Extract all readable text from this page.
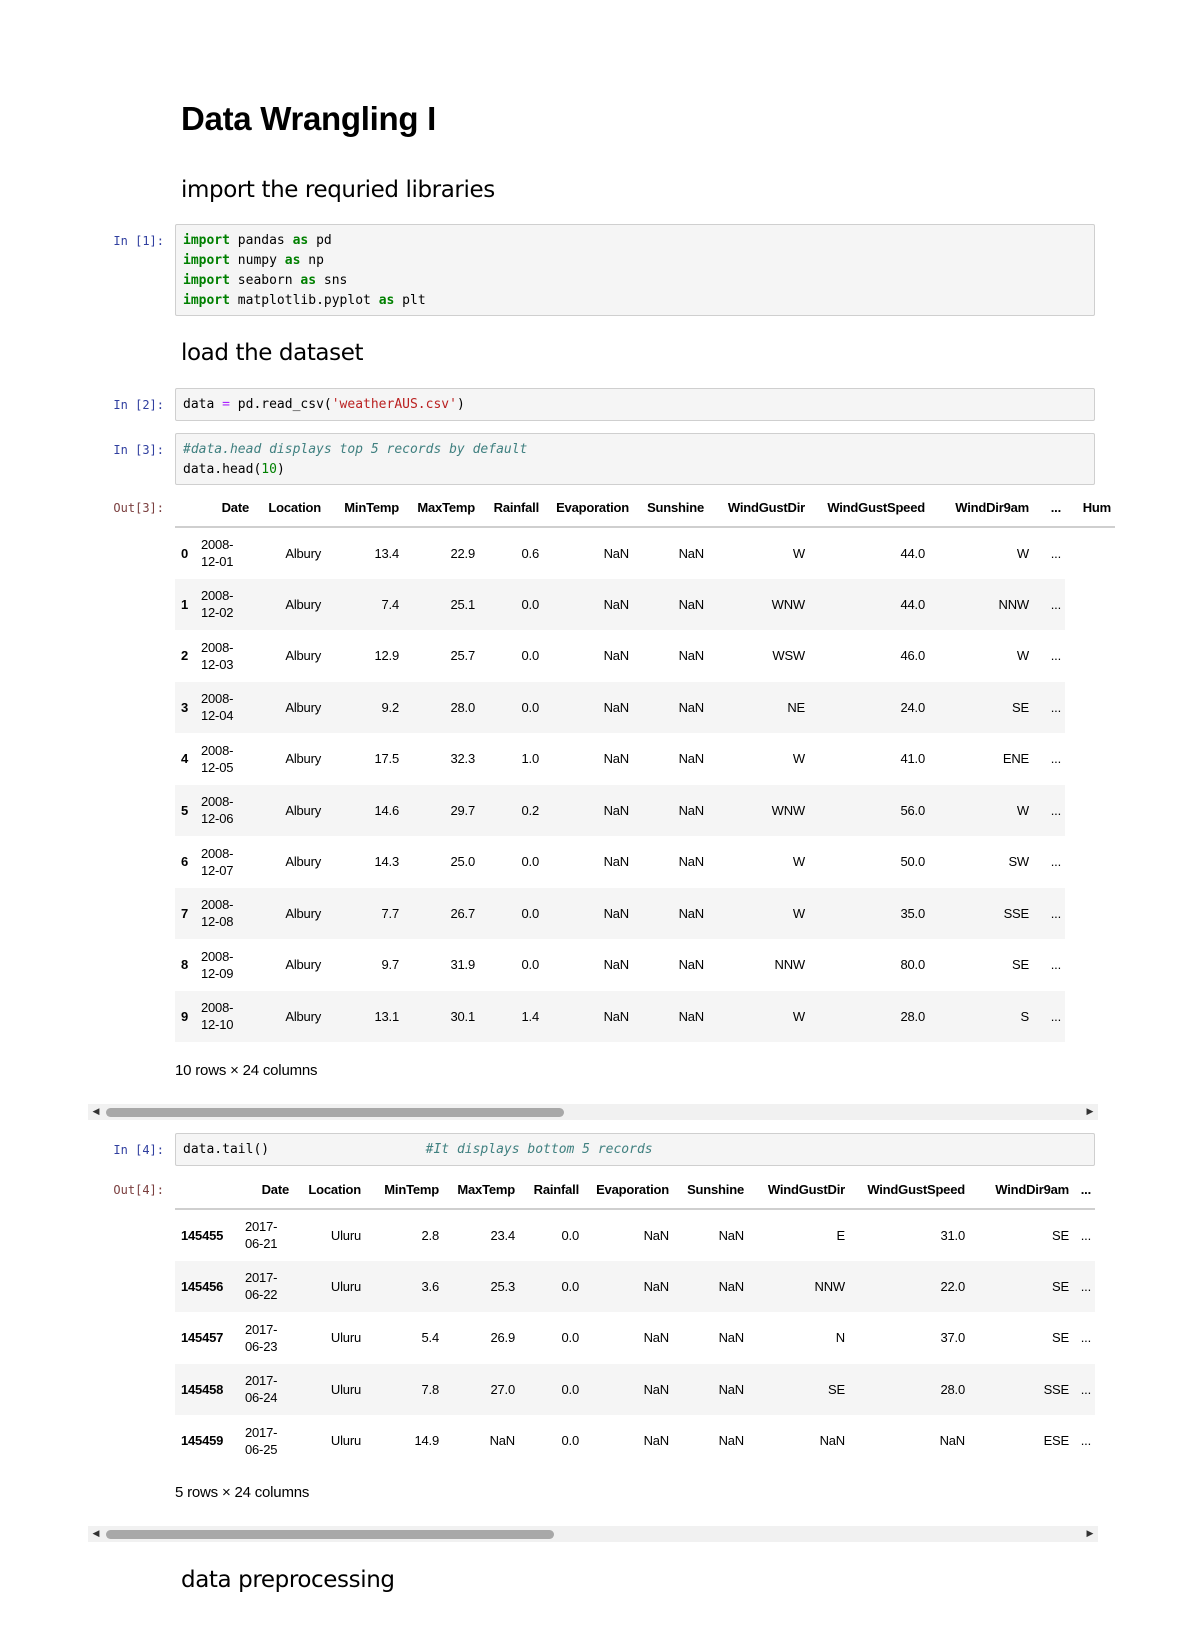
Data Wrangling I
import the requried libraries
In [1]: import pandas as pd
import numpy as np
import seaborn as sns
import matplotlib.pyplot as plt
load the dataset
In [2]:	data = pd.read_csv('weatherAUS.csv')
In [3]:	#data.head displays top 5 records by default
data.head(10)
Out[3]:
		Date	Location	MinTemp	MaxTemp	Rainfall	Evaporation	Sunshine	WindGustDir	WindGustSpeed	WindDir9am	...	Hum
0	2008-
12-01	Albury	13.4	22.9	0.6	NaN	NaN	W	44.0	W	...	
1	2008-
12-02	Albury	7.4	25.1	0.0	NaN	NaN	WNW	44.0	NNW	...	
2	2008-
12-03	Albury	12.9	25.7	0.0	NaN	NaN	WSW	46.0	W	...	
3	2008-
12-04	Albury	9.2	28.0	0.0	NaN	NaN	NE	24.0	SE	...	
4	2008-
12-05	Albury	17.5	32.3	1.0	NaN	NaN	W	41.0	ENE	...	
5	2008-
12-06	Albury	14.6	29.7	0.2	NaN	NaN	WNW	56.0	W	...	
6	2008-
12-07	Albury	14.3	25.0	0.0	NaN	NaN	W	50.0	SW	...	
7	2008-
12-08	Albury	7.7	26.7	0.0	NaN	NaN	W	35.0	SSE	...	
8	2008-
12-09	Albury	9.7	31.9	0.0	NaN	NaN	NNW	80.0	SE	...	
9	2008-
12-10	Albury	13.1	30.1	1.4	NaN	NaN	W	28.0	S	...	
10 rows × 24 columns
◀	▶
In [4]:	data.tail()	#It displays bottom 5 records
Out[4]:
		Date	Location	MinTemp	MaxTemp	Rainfall	Evaporation	Sunshine	WindGustDir	WindGustSpeed	WindDir9am	...
145455	2017-
06-21	Uluru	2.8	23.4	0.0	NaN	NaN	E	31.0	SE	...
145456	2017-
06-22	Uluru	3.6	25.3	0.0	NaN	NaN	NNW	22.0	SE	...
145457	2017-
06-23	Uluru	5.4	26.9	0.0	NaN	NaN	N	37.0	SE	...
145458	2017-
06-24	Uluru	7.8	27.0	0.0	NaN	NaN	SE	28.0	SSE	...
145459	2017-
06-25	Uluru	14.9	NaN	0.0	NaN	NaN	NaN	NaN	ESE	...
5 rows × 24 columns
◀	▶
data preprocessing
